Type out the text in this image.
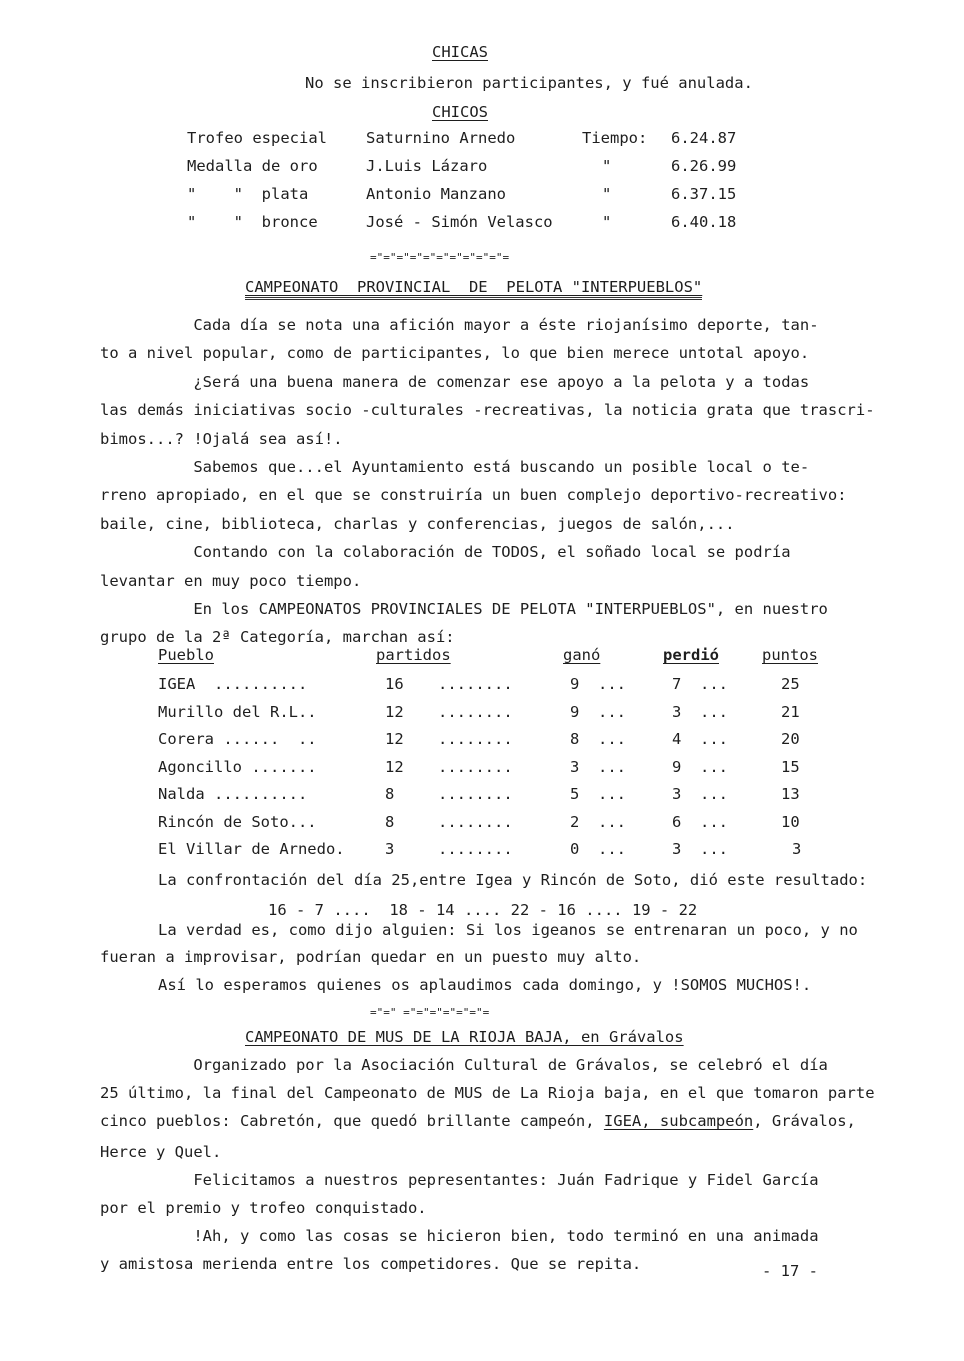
CHICAS
No se inscribieron participantes, y fué anulada.
CHICOS
Trofeo especial	Saturnino Arnedo	Tiempo: 6.24.87
Medalla de oro	J.Luis Lázaro	"	6.26.99
"    "  plata	Antonio Manzano	"	6.37.15
"    "  bronce	José - Simón Velasco	"	6.40.18
="="="="="="="="="="=
CAMPEONATO  PROVINCIAL  DE  PELOTA "INTERPUEBLOS"
Cada día se nota una afición mayor a éste riojanísimo deporte, tan-
to a nivel popular, como de participantes, lo que bien merece untotal apoyo.
¿Será una buena manera de comenzar ese apoyo a la pelota y a todas
las demás iniciativas socio -culturales -recreativas, la noticia grata que trascri-
bimos...? !Ojalá sea así!.
Sabemos que...el Ayuntamiento está buscando un posible local o te-
rreno apropiado, en el que se construiría un buen complejo deportivo-recreativo:
baile, cine, biblioteca, charlas y conferencias, juegos de salón,...
Contando con la colaboración de TODOS, el soñado local se podría
levantar en muy poco tiempo.
En los CAMPEONATOS PROVINCIALES DE PELOTA "INTERPUEBLOS", en nuestro
grupo de la 2ª Categoría, marchan así:
Pueblo	partidos	ganó	perdió	puntos
IGEA  ..........	16 ........	9 ...	7 ...	25
Murillo del R.L..	12 ........	9 ...	3 ...	21
Corera ......  ..	12 ........	8 ...	4 ...	20
Agoncillo .......	12 ........	3 ...	9 ...	15
Nalda ..........	8	........	5 ...	3 ...	13
Rincón de Soto...	8	........	2 ...	6 ...	10
El Villar de Arnedo.	3	........	0 ...	3 ...	3
La confrontación del día 25,entre Igea y Rincón de Soto, dió este resultado:
16 - 7 ....  18 - 14 .... 22 - 16 .... 19 - 22
La verdad es, como dijo alguien: Si los igeanos se entrenaran un poco, y no
fueran a improvisar, podrían quedar en un puesto muy alto.
Así lo esperamos quienes os aplaudimos cada domingo, y !SOMOS MUCHOS!.
="=" ="="="="="="=
CAMPEONATO DE MUS DE LA RIOJA BAJA, en Grávalos
Organizado por la Asociación Cultural de Grávalos, se celebró el día
25 último, la final del Campeonato de MUS de La Rioja baja, en el que tomaron parte
cinco pueblos: Cabretón, que quedó brillante campeón, IGEA, subcampeón, Grávalos,
Herce y Quel.
Felicitamos a nuestros pepresentantes: Juán Fadrique y Fidel García
por el premio y trofeo conquistado.
!Ah, y como las cosas se hicieron bien, todo terminó en una animada
y amistosa merienda entre los competidores. Que se repita.	- 17 -
